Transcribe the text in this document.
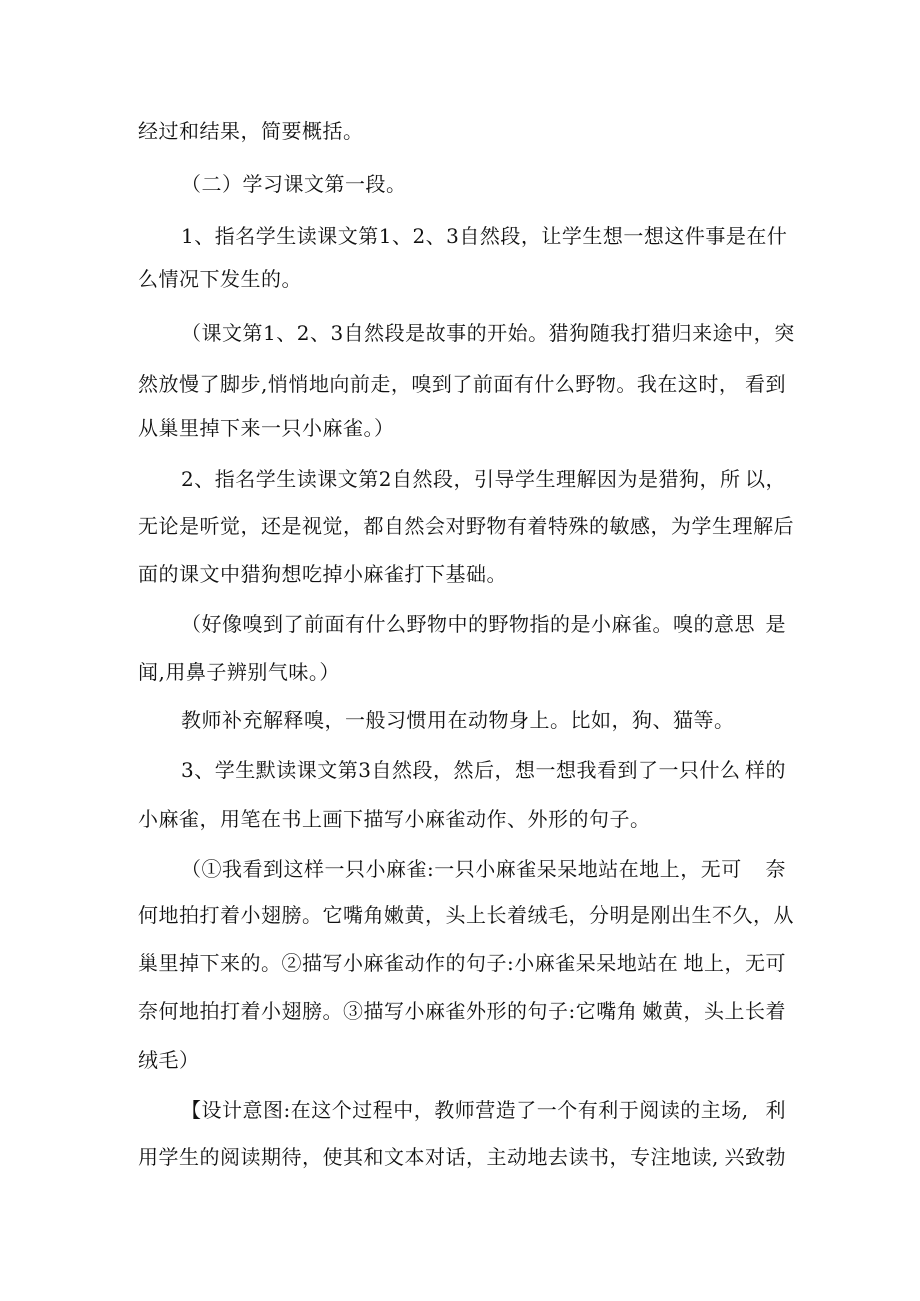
经过和结果，简要概括。
（二）学习课文第一段。
1、指名学生读课文第1、2、3自然段，让学生想一想这件事是 在什
么情况下发生的。
（课文第1、2、3自然段是故事的开始。猎狗随我打猎归来途中， 突
然放慢了脚步,悄悄地向前走，嗅到了前面有什么野物。我在这时， 看到
从巢里掉下来一只小麻雀。）
2、指名学生读课文第2自然段，引导学生理解因为是猎狗，所 以，
无论是听觉，还是视觉，都自然会对野物有着特殊的敏感，为学 生理解后
面的课文中猎狗想吃掉小麻雀打下基础。
（好像嗅到了前面有什么野物中的野物指的是小麻雀。嗅的意思 是
闻,用鼻子辨别气味。）
教师补充解释嗅，一般习惯用在动物身上。比如，狗、猫等。
3、学生默读课文第3自然段，然后，想一想我看到了一只什么 样的
小麻雀，用笔在书上画下描写小麻雀动作、外形的句子。
（①我看到这样一只小麻雀:一只小麻雀呆呆地站在地上，无可 奈
何地拍打着小翅膀。它嘴角嫩黄，头上长着绒毛，分明是刚出生不 久，从
巢里掉下来的。②描写小麻雀动作的句子:小麻雀呆呆地站在 地上，无可
奈何地拍打着小翅膀。③描写小麻雀外形的句子:它嘴角 嫩黄，头上长着
绒毛）
【设计意图:在这个过程中，教师营造了一个有利于阅读的主场, 利
用学生的阅读期待，使其和文本对话，主动地去读书，专注地读, 兴致勃
